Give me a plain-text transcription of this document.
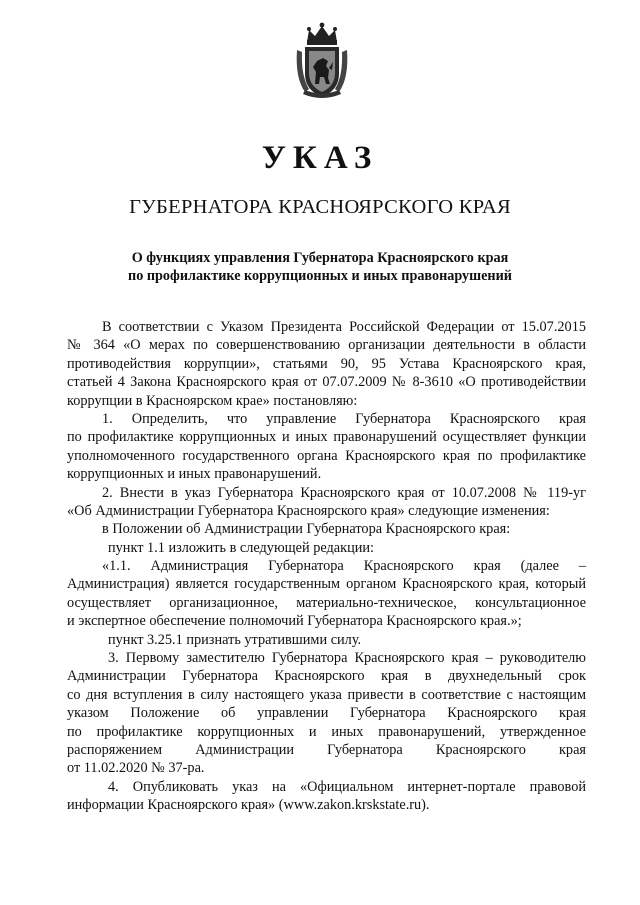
УКАЗ
ГУБЕРНАТОРА КРАСНОЯРСКОГО КРАЯ
О функциях управления Губернатора Красноярского края
по профилактике коррупционных и иных правонарушений
В соответствии с Указом Президента Российской Федерации от 15.07.2015
№ 364 «О мерах по совершенствованию организации деятельности в области
противодействия коррупции», статьями 90, 95 Устава Красноярского края,
статьей 4 Закона Красноярского края от 07.07.2009 № 8-3610 «О противодействии
коррупции в Красноярском крае» постановляю:
1. Определить, что управление Губернатора Красноярского края
по профилактике коррупционных и иных правонарушений осуществляет функции
уполномоченного государственного органа Красноярского края по профилактике
коррупционных и иных правонарушений.
2. Внести в указ Губернатора Красноярского края от 10.07.2008 № 119-уг
«Об Администрации Губернатора Красноярского края» следующие изменения:
в Положении об Администрации Губернатора Красноярского края:
пункт 1.1 изложить в следующей редакции:
«1.1. Администрация Губернатора Красноярского края (далее –
Администрация) является государственным органом Красноярского края, который
осуществляет организационное, материально-техническое, консультационное
и экспертное обеспечение полномочий Губернатора Красноярского края.»;
пункт 3.25.1 признать утратившими силу.
3. Первому заместителю Губернатора Красноярского края – руководителю
Администрации Губернатора Красноярского края в двухнедельный срок
со дня вступления в силу настоящего указа привести в соответствие с настоящим
указом Положение об управлении Губернатора Красноярского края
по профилактике коррупционных и иных правонарушений, утвержденное
распоряжением Администрации Губернатора Красноярского края
от 11.02.2020 № 37-ра.
4. Опубликовать указ на «Официальном интернет-портале правовой
информации Красноярского края» (www.zakon.krskstate.ru).
